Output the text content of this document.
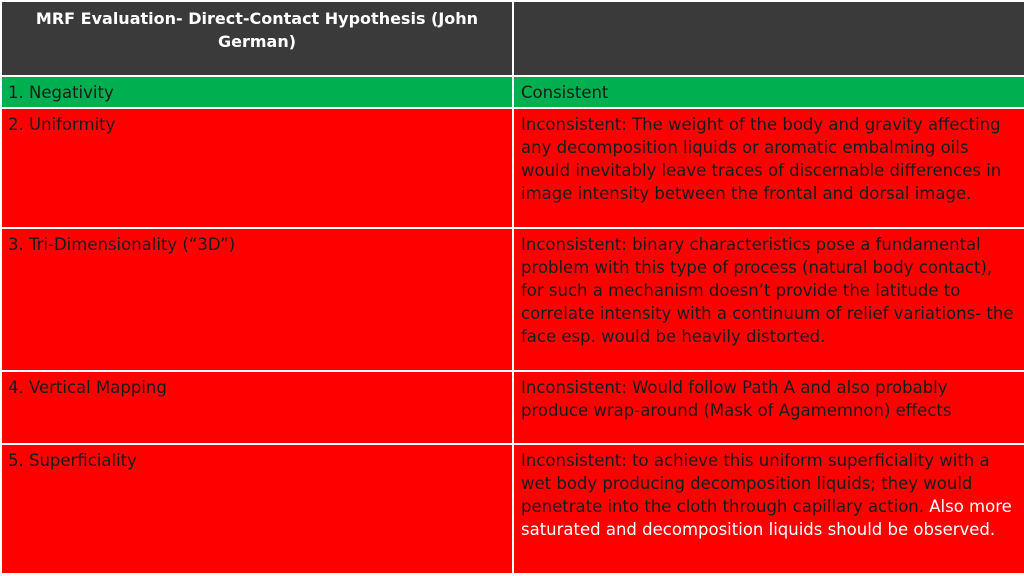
MRF Evaluation- Direct-Contact Hypothesis (John German)	

1. Negativity	Consistent

2. Uniformity	Inconsistent: The weight of the body and gravity affecting any decomposition liquids or aromatic embalming oils would inevitably leave traces of discernable differences in image intensity between the frontal and dorsal image.

3. Tri-Dimensionality (“3D”)	Inconsistent: binary characteristics pose a fundamental problem with this type of process (natural body contact), for such a mechanism doesn’t provide the latitude to correlate intensity with a continuum of relief variations- the face esp. would be heavily distorted.

4. Vertical Mapping	Inconsistent: Would follow Path A and also probably produce wrap-around (Mask of Agamemnon) effects

5. Superficiality	Inconsistent: to achieve this uniform superficiality with a wet body producing decomposition liquids; they would penetrate into the cloth through capillary action. Also more saturated and decomposition liquids should be observed.
